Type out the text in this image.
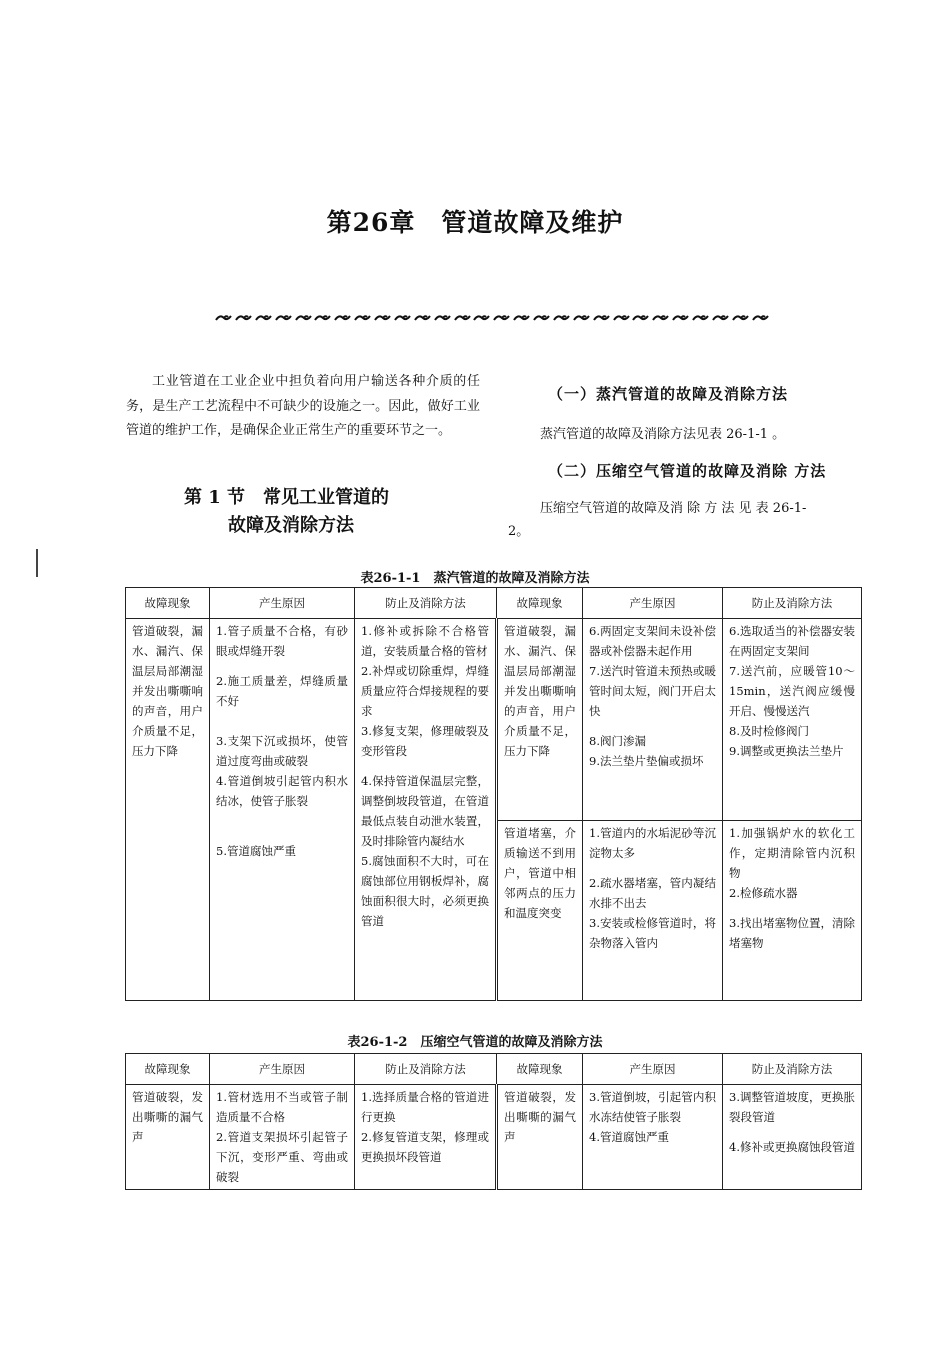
第26章 管道故障及维护
工业管道在工业企业中担负着向用户输送各种介质的任务，是生产工艺流程中不可缺少的设施之一。因此，做好工业管道的维护工作，是确保企业正常生产的重要环节之一。
第 1 节　常见工业管道的
故障及消除方法
（一）蒸汽管道的故障及消除方法
蒸汽管道的故障及消除方法见表 26-1-1 。
（二）压缩空气管道的故障及消除 方法
压缩空气管道的故障及消 除 方 法 见 表 26-1-
2。
表26-1-1　蒸汽管道的故障及消除方法
故障现象	产生原因	防止及消除方法	故障现象	产生原因	防止及消除方法
管道破裂，漏水、漏汽、保温层局部潮湿并发出嘶嘶响的声音，用户介质量不足，压力下降	1.管子质量不合格，有砂眼或焊缝开裂
2.施工质量差，焊缝质量不好
3.支架下沉或损坏，使管道过度弯曲或破裂
4.管道倒坡引起管内积水结冰，使管子胀裂
5.管道腐蚀严重	1.修补或拆除不合格管道，安装质量合格的管材
2.补焊或切除重焊，焊缝质量应符合焊接规程的要求
3.修复支架，修理破裂及变形管段
4.保持管道保温层完整，调整倒坡段管道，在管道最低点装自动泄水装置，及时排除管内凝结水
5.腐蚀面积不大时，可在腐蚀部位用钢板焊补，腐蚀面积很大时，必须更换管道	管道破裂，漏水、漏汽、保温层局部潮湿并发出嘶嘶响的声音，用户介质量不足，压力下降	6.两固定支架间未设补偿器或补偿器未起作用
7.送汽时管道未预热或暖管时间太短，阀门开启太快
8.阀门渗漏
9.法兰垫片垫偏或损坏	6.选取适当的补偿器安装在两固定支架间
7.送汽前，应暖管10～15min，送汽阀应缓慢开启、慢慢送汽
8.及时检修阀门
9.调整或更换法兰垫片

			管道堵塞，介质输送不到用户，管道中相邻两点的压力和温度突变	1.管道内的水垢泥砂等沉淀物太多
2.疏水器堵塞，管内凝结水排不出去
3.安装或检修管道时，将杂物落入管内	1.加强锅炉水的软化工作，定期清除管内沉积物
2.检修疏水器
3.找出堵塞物位置，清除堵塞物
表26-1-2　压缩空气管道的故障及消除方法
故障现象	产生原因	防止及消除方法	故障现象	产生原因	防止及消除方法
管道破裂，发出嘶嘶的漏气声	1.管材选用不当或管子制造质量不合格
2.管道支架损坏引起管子下沉，变形严重、弯曲或破裂	1.选择质量合格的管道进行更换
2.修复管道支架，修理或更换损坏段管道	管道破裂，发出嘶嘶的漏气声	3.管道倒坡，引起管内积水冻结使管子胀裂
4.管道腐蚀严重	3.调整管道坡度，更换胀裂段管道
4.修补或更换腐蚀段管道
